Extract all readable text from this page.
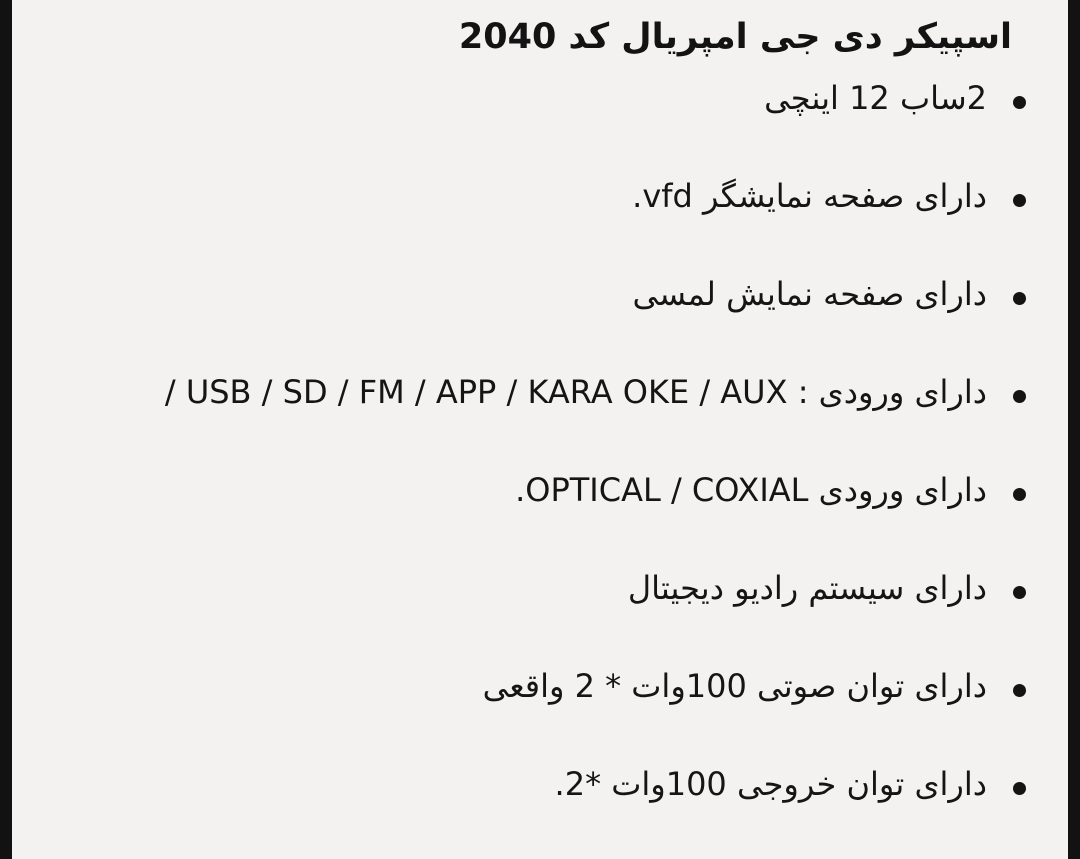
اسپیکر دی جی امپریال کد 2040
2ساب 12 اینچی
دارای صفحه نمایشگر vfd.
دارای صفحه نمایش لمسی
دارای ورودی : USB / SD / FM / APP / KARA OKE / AUX /
دارای ورودی OPTICAL / COXIAL.
دارای سیستم رادیو دیجیتال
دارای توان صوتی 100وات * 2 واقعی
دارای توان خروجی 100وات *2.
